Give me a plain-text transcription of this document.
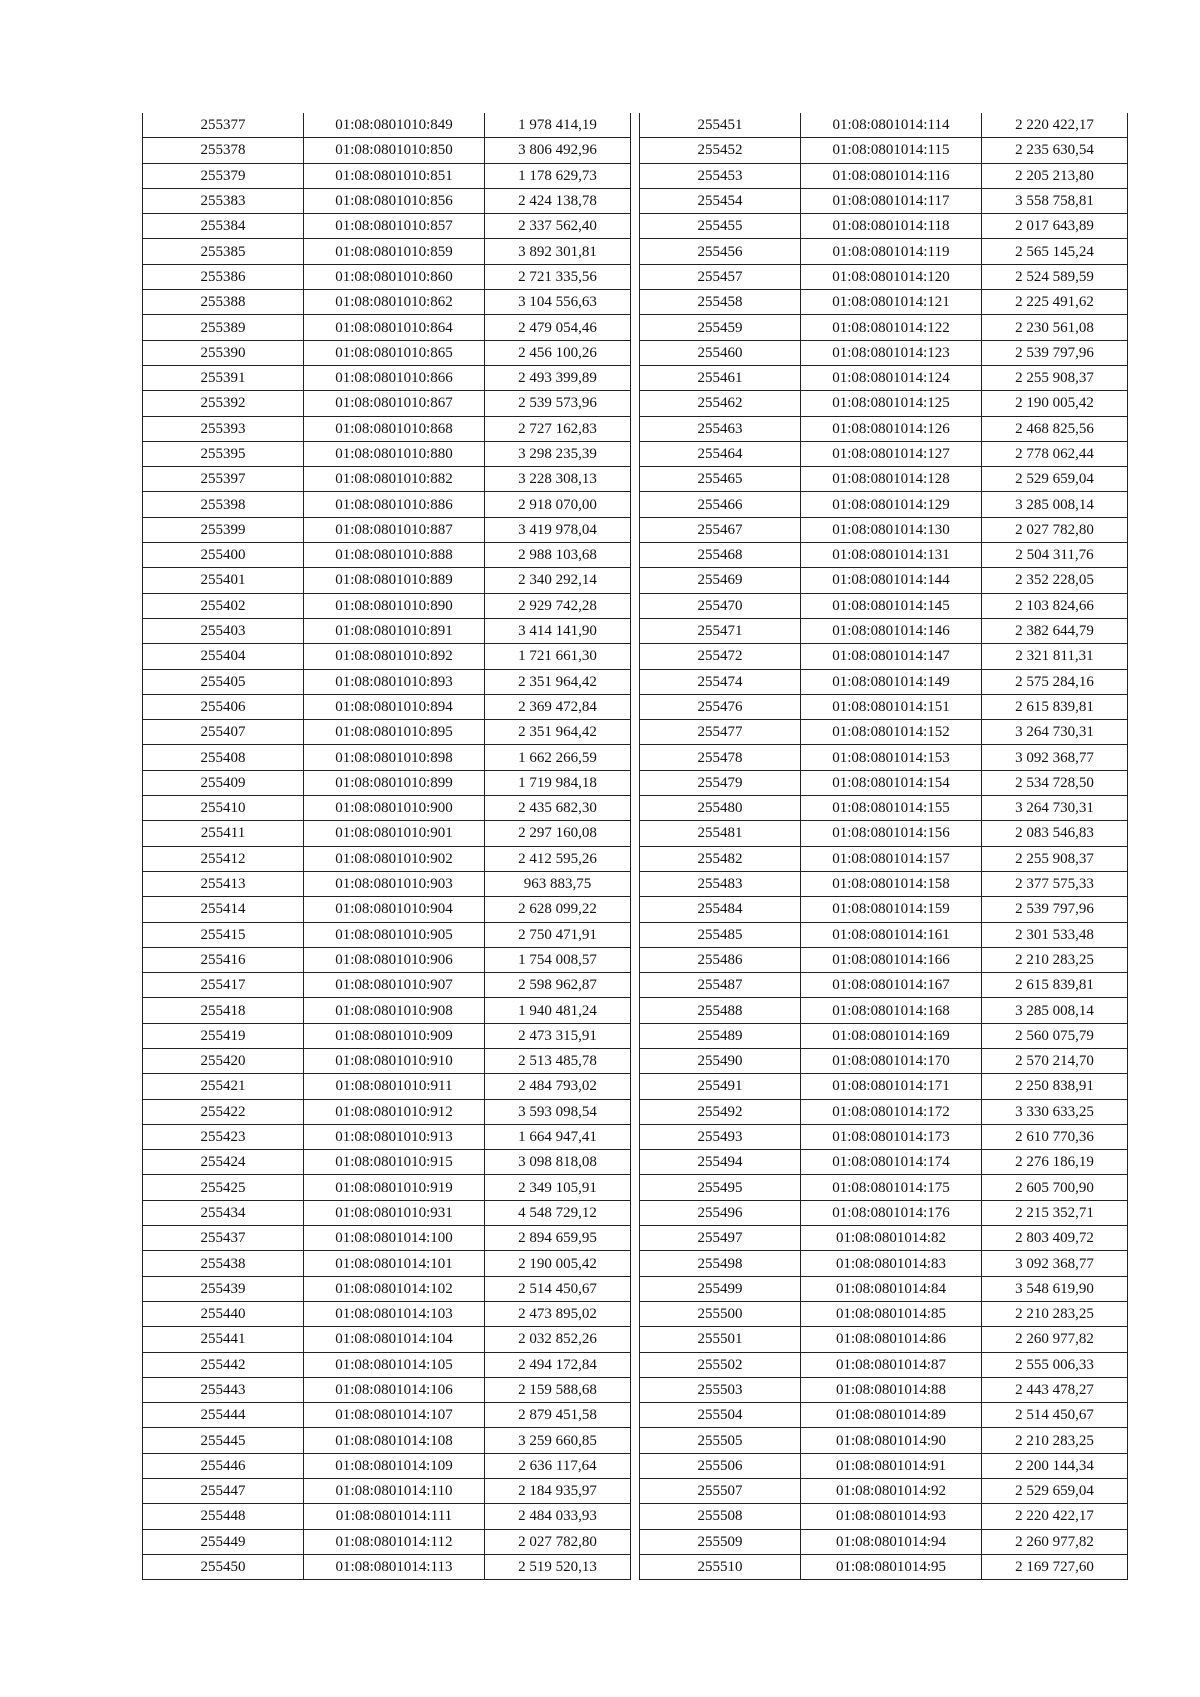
255377	01:08:0801010:849	1 978 414,19
255378	01:08:0801010:850	3 806 492,96
255379	01:08:0801010:851	1 178 629,73
255383	01:08:0801010:856	2 424 138,78
255384	01:08:0801010:857	2 337 562,40
255385	01:08:0801010:859	3 892 301,81
255386	01:08:0801010:860	2 721 335,56
255388	01:08:0801010:862	3 104 556,63
255389	01:08:0801010:864	2 479 054,46
255390	01:08:0801010:865	2 456 100,26
255391	01:08:0801010:866	2 493 399,89
255392	01:08:0801010:867	2 539 573,96
255393	01:08:0801010:868	2 727 162,83
255395	01:08:0801010:880	3 298 235,39
255397	01:08:0801010:882	3 228 308,13
255398	01:08:0801010:886	2 918 070,00
255399	01:08:0801010:887	3 419 978,04
255400	01:08:0801010:888	2 988 103,68
255401	01:08:0801010:889	2 340 292,14
255402	01:08:0801010:890	2 929 742,28
255403	01:08:0801010:891	3 414 141,90
255404	01:08:0801010:892	1 721 661,30
255405	01:08:0801010:893	2 351 964,42
255406	01:08:0801010:894	2 369 472,84
255407	01:08:0801010:895	2 351 964,42
255408	01:08:0801010:898	1 662 266,59
255409	01:08:0801010:899	1 719 984,18
255410	01:08:0801010:900	2 435 682,30
255411	01:08:0801010:901	2 297 160,08
255412	01:08:0801010:902	2 412 595,26
255413	01:08:0801010:903	963 883,75
255414	01:08:0801010:904	2 628 099,22
255415	01:08:0801010:905	2 750 471,91
255416	01:08:0801010:906	1 754 008,57
255417	01:08:0801010:907	2 598 962,87
255418	01:08:0801010:908	1 940 481,24
255419	01:08:0801010:909	2 473 315,91
255420	01:08:0801010:910	2 513 485,78
255421	01:08:0801010:911	2 484 793,02
255422	01:08:0801010:912	3 593 098,54
255423	01:08:0801010:913	1 664 947,41
255424	01:08:0801010:915	3 098 818,08
255425	01:08:0801010:919	2 349 105,91
255434	01:08:0801010:931	4 548 729,12
255437	01:08:0801014:100	2 894 659,95
255438	01:08:0801014:101	2 190 005,42
255439	01:08:0801014:102	2 514 450,67
255440	01:08:0801014:103	2 473 895,02
255441	01:08:0801014:104	2 032 852,26
255442	01:08:0801014:105	2 494 172,84
255443	01:08:0801014:106	2 159 588,68
255444	01:08:0801014:107	2 879 451,58
255445	01:08:0801014:108	3 259 660,85
255446	01:08:0801014:109	2 636 117,64
255447	01:08:0801014:110	2 184 935,97
255448	01:08:0801014:111	2 484 033,93
255449	01:08:0801014:112	2 027 782,80
255450	01:08:0801014:113	2 519 520,13
255451	01:08:0801014:114	2 220 422,17
255452	01:08:0801014:115	2 235 630,54
255453	01:08:0801014:116	2 205 213,80
255454	01:08:0801014:117	3 558 758,81
255455	01:08:0801014:118	2 017 643,89
255456	01:08:0801014:119	2 565 145,24
255457	01:08:0801014:120	2 524 589,59
255458	01:08:0801014:121	2 225 491,62
255459	01:08:0801014:122	2 230 561,08
255460	01:08:0801014:123	2 539 797,96
255461	01:08:0801014:124	2 255 908,37
255462	01:08:0801014:125	2 190 005,42
255463	01:08:0801014:126	2 468 825,56
255464	01:08:0801014:127	2 778 062,44
255465	01:08:0801014:128	2 529 659,04
255466	01:08:0801014:129	3 285 008,14
255467	01:08:0801014:130	2 027 782,80
255468	01:08:0801014:131	2 504 311,76
255469	01:08:0801014:144	2 352 228,05
255470	01:08:0801014:145	2 103 824,66
255471	01:08:0801014:146	2 382 644,79
255472	01:08:0801014:147	2 321 811,31
255474	01:08:0801014:149	2 575 284,16
255476	01:08:0801014:151	2 615 839,81
255477	01:08:0801014:152	3 264 730,31
255478	01:08:0801014:153	3 092 368,77
255479	01:08:0801014:154	2 534 728,50
255480	01:08:0801014:155	3 264 730,31
255481	01:08:0801014:156	2 083 546,83
255482	01:08:0801014:157	2 255 908,37
255483	01:08:0801014:158	2 377 575,33
255484	01:08:0801014:159	2 539 797,96
255485	01:08:0801014:161	2 301 533,48
255486	01:08:0801014:166	2 210 283,25
255487	01:08:0801014:167	2 615 839,81
255488	01:08:0801014:168	3 285 008,14
255489	01:08:0801014:169	2 560 075,79
255490	01:08:0801014:170	2 570 214,70
255491	01:08:0801014:171	2 250 838,91
255492	01:08:0801014:172	3 330 633,25
255493	01:08:0801014:173	2 610 770,36
255494	01:08:0801014:174	2 276 186,19
255495	01:08:0801014:175	2 605 700,90
255496	01:08:0801014:176	2 215 352,71
255497	01:08:0801014:82	2 803 409,72
255498	01:08:0801014:83	3 092 368,77
255499	01:08:0801014:84	3 548 619,90
255500	01:08:0801014:85	2 210 283,25
255501	01:08:0801014:86	2 260 977,82
255502	01:08:0801014:87	2 555 006,33
255503	01:08:0801014:88	2 443 478,27
255504	01:08:0801014:89	2 514 450,67
255505	01:08:0801014:90	2 210 283,25
255506	01:08:0801014:91	2 200 144,34
255507	01:08:0801014:92	2 529 659,04
255508	01:08:0801014:93	2 220 422,17
255509	01:08:0801014:94	2 260 977,82
255510	01:08:0801014:95	2 169 727,60
